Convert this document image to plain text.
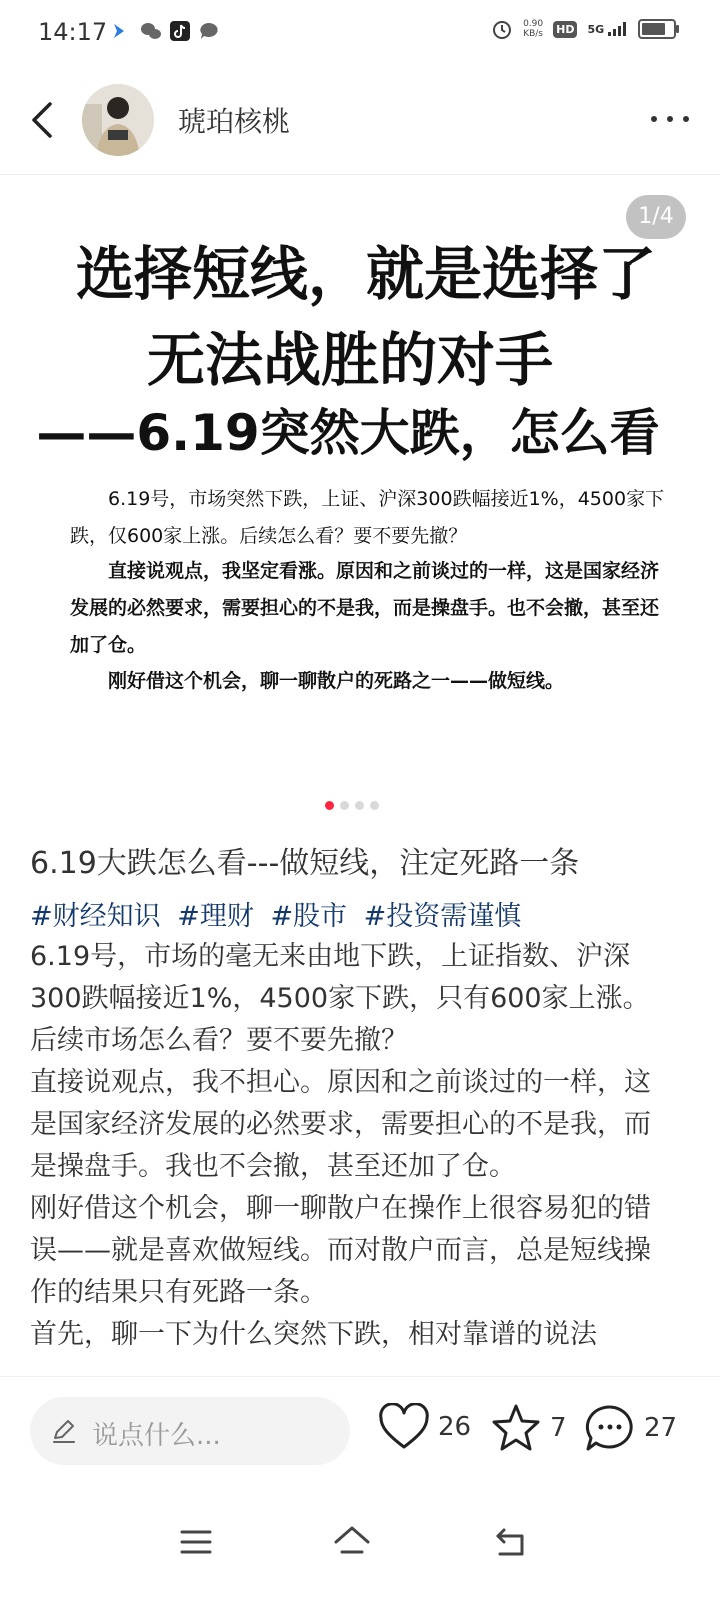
14:17	0.90
KB/s HD 5G
琥珀核桃
1/4
选择短线，就是选择了
无法战胜的对手
——6.19突然大跌，怎么看
6.19号，市场突然下跌，上证、沪深300跌幅接近1%，4500家下跌，仅600家上涨。后续怎么看？要不要先撤？
直接说观点，我坚定看涨。原因和之前谈过的一样，这是国家经济发展的必然要求，需要担心的不是我，而是操盘手。也不会撤，甚至还加了仓。
刚好借这个机会，聊一聊散户的死路之一——做短线。
6.19大跌怎么看---做短线，注定死路一条
#财经知识 #理财 #股市 #投资需谨慎

6.19号，市场的毫无来由地下跌，上证指数、沪深300跌幅接近1%，4500家下跌，只有600家上涨。后续市场怎么看？要不要先撤？

直接说观点，我不担心。原因和之前谈过的一样，这是国家经济发展的必然要求，需要担心的不是我，而是操盘手。我也不会撤，甚至还加了仓。

刚好借这个机会，聊一聊散户在操作上很容易犯的错误——就是喜欢做短线。而对散户而言，总是短线操作的结果只有死路一条。

首先，聊一下为什么突然下跌，相对靠谱的说法

说点什么...	26	7	27
